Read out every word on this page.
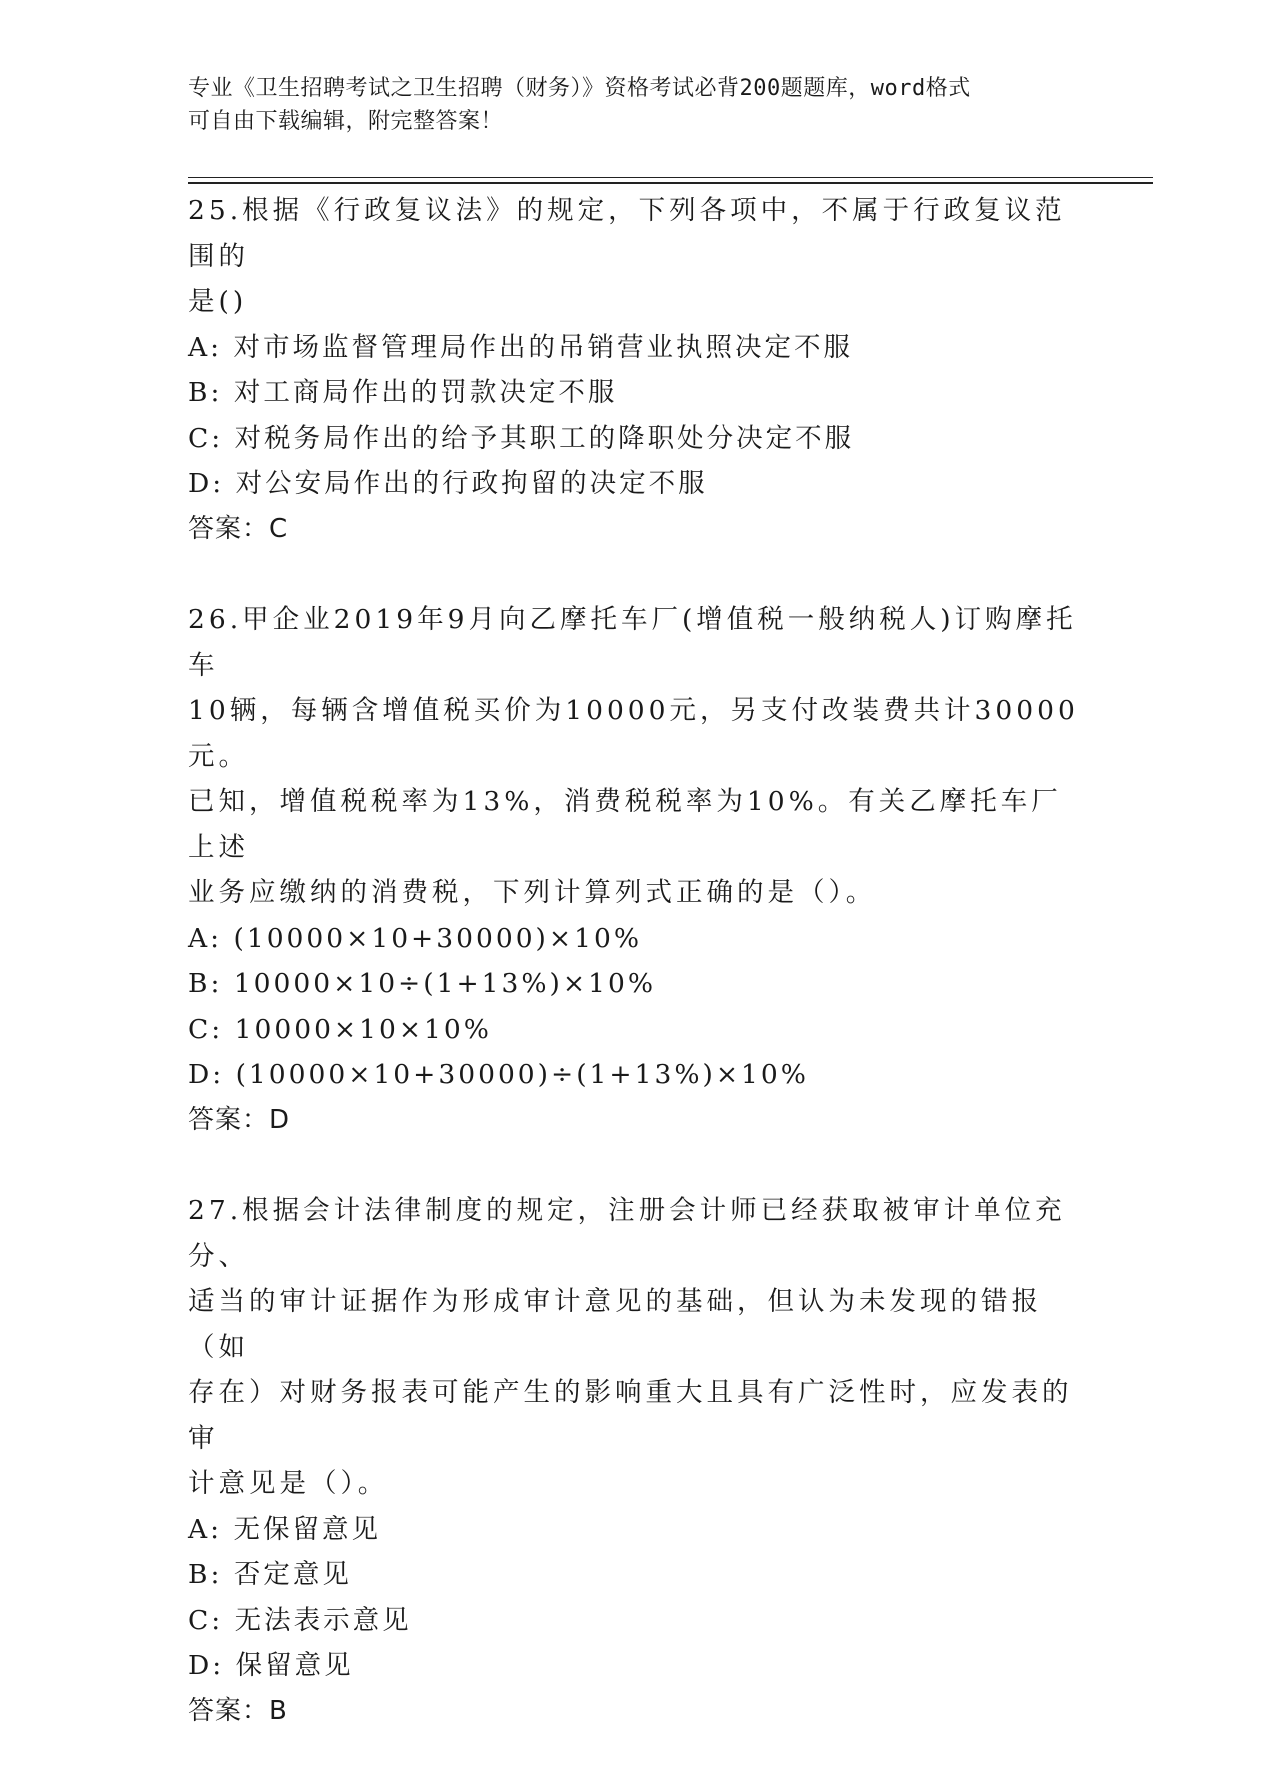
专业《卫生招聘考试之卫生招聘（财务）》资格考试必背200题题库，word格式
可自由下载编辑，附完整答案！
25.根据《行政复议法》的规定，下列各项中，不属于行政复议范围的
是()
A: 对市场监督管理局作出的吊销营业执照决定不服
B: 对工商局作出的罚款决定不服
C: 对税务局作出的给予其职工的降职处分决定不服
D: 对公安局作出的行政拘留的决定不服
答案：C
26.甲企业2019年9月向乙摩托车厂(增值税一般纳税人)订购摩托车
10辆，每辆含增值税买价为10000元，另支付改装费共计30000元。
已知，增值税税率为13%，消费税税率为10%。有关乙摩托车厂上述
业务应缴纳的消费税，下列计算列式正确的是（）。
A: (10000×10+30000)×10%
B: 10000×10÷(1+13%)×10%
C: 10000×10×10%
D: (10000×10+30000)÷(1+13%)×10%
答案：D
27.根据会计法律制度的规定，注册会计师已经获取被审计单位充分、
适当的审计证据作为形成审计意见的基础，但认为未发现的错报（如
存在）对财务报表可能产生的影响重大且具有广泛性时，应发表的审
计意见是（）。
A: 无保留意见
B: 否定意见
C: 无法表示意见
D: 保留意见
答案：B
